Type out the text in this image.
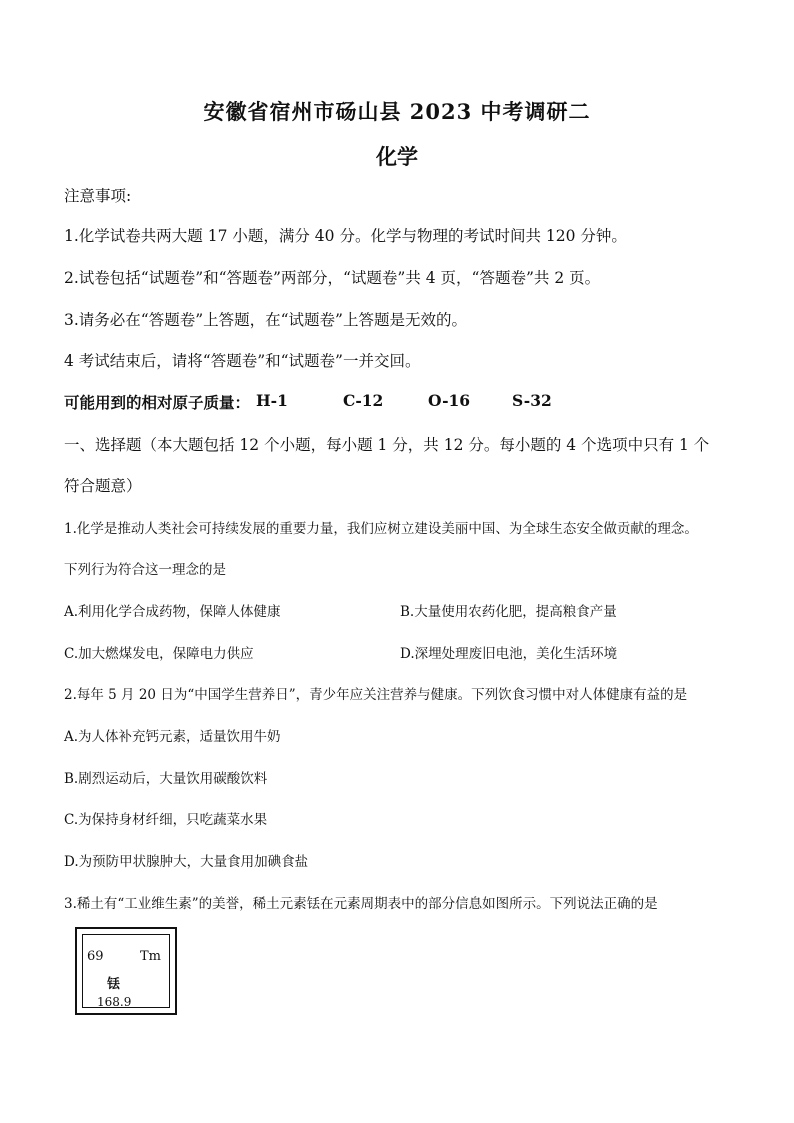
安徽省宿州市砀山县 2023 中考调研二
化学
注意事项:
1.化学试卷共两大题 17 小题，满分 40 分。化学与物理的考试时间共 120 分钟。
2.试卷包括“试题卷”和“答题卷”两部分，“试题卷”共 4 页，“答题卷”共 2 页。
3.请务必在“答题卷”上答题，在“试题卷”上答题是无效的。
4 考试结束后，请将“答题卷”和“试题卷”一并交回。
可能用到的相对原子质量： H-1	C-12	O-16	S-32
一、选择题（本大题包括 12 个小题，每小题 1 分，共 12 分。每小题的 4 个选项中只有 1 个
符合题意）
1.化学是推动人类社会可持续发展的重要力量，我们应树立建设美丽中国、为全球生态安全做贡献的理念。
下列行为符合这一理念的是
A.利用化学合成药物，保障人体健康	B.大量使用农药化肥，提高粮食产量
C.加大燃煤发电，保障电力供应	D.深埋处理废旧电池，美化生活环境
2.每年 5 月 20 日为“中国学生营养日”，青少年应关注营养与健康。下列饮食习惯中对人体健康有益的是
A.为人体补充钙元素，适量饮用牛奶
B.剧烈运动后，大量饮用碳酸饮料
C.为保持身材纤细，只吃蔬菜水果
D.为预防甲状腺肿大，大量食用加碘食盐
3.稀土有“工业维生素”的美誉，稀土元素铥在元素周期表中的部分信息如图所示。下列说法正确的是
69	Tm
铥
168.9
